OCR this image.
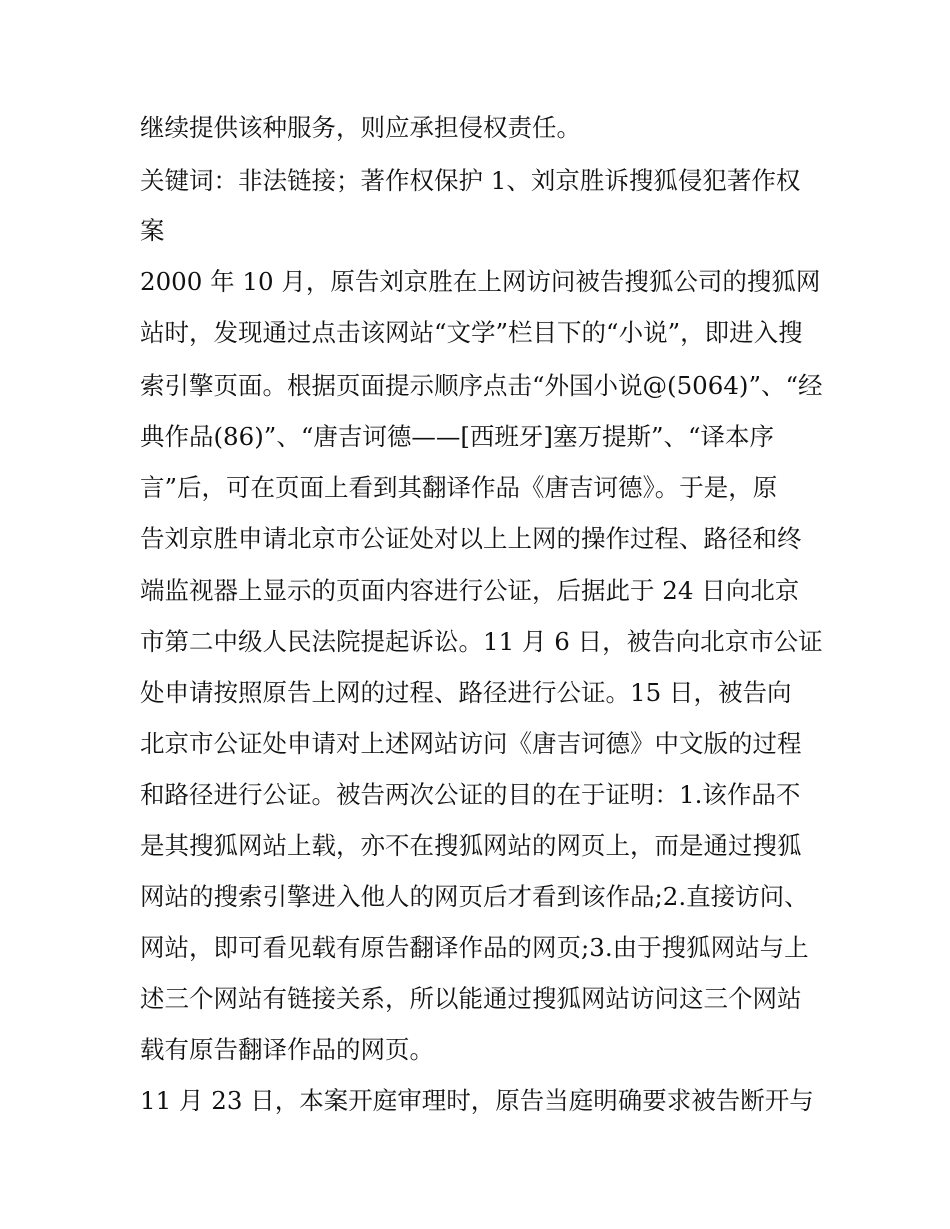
继续提供该种服务，则应承担侵权责任。

关键词：非法链接；著作权保护 1、刘京胜诉搜狐侵犯著作权

案

2000 年 10 月，原告刘京胜在上网访问被告搜狐公司的搜狐网

站时，发现通过点击该网站“文学”栏目下的“小说”，即进入搜

索引擎页面。根据页面提示顺序点击“外国小说@(5064)”、“经

典作品(86)”、“唐吉诃德——[西班牙]塞万提斯”、“译本序

言”后，可在页面上看到其翻译作品《唐吉诃德》。于是，原

告刘京胜申请北京市公证处对以上上网的操作过程、路径和终

端监视器上显示的页面内容进行公证，后据此于 24 日向北京

市第二中级人民法院提起诉讼。11 月 6 日，被告向北京市公证

处申请按照原告上网的过程、路径进行公证。15 日，被告向

北京市公证处申请对上述网站访问《唐吉诃德》中文版的过程

和路径进行公证。被告两次公证的目的在于证明：1.该作品不

是其搜狐网站上载，亦不在搜狐网站的网页上，而是通过搜狐

网站的搜索引擎进入他人的网页后才看到该作品;2.直接访问、

网站，即可看见载有原告翻译作品的网页;3.由于搜狐网站与上

述三个网站有链接关系，所以能通过搜狐网站访问这三个网站

载有原告翻译作品的网页。

11 月 23 日，本案开庭审理时，原告当庭明确要求被告断开与
